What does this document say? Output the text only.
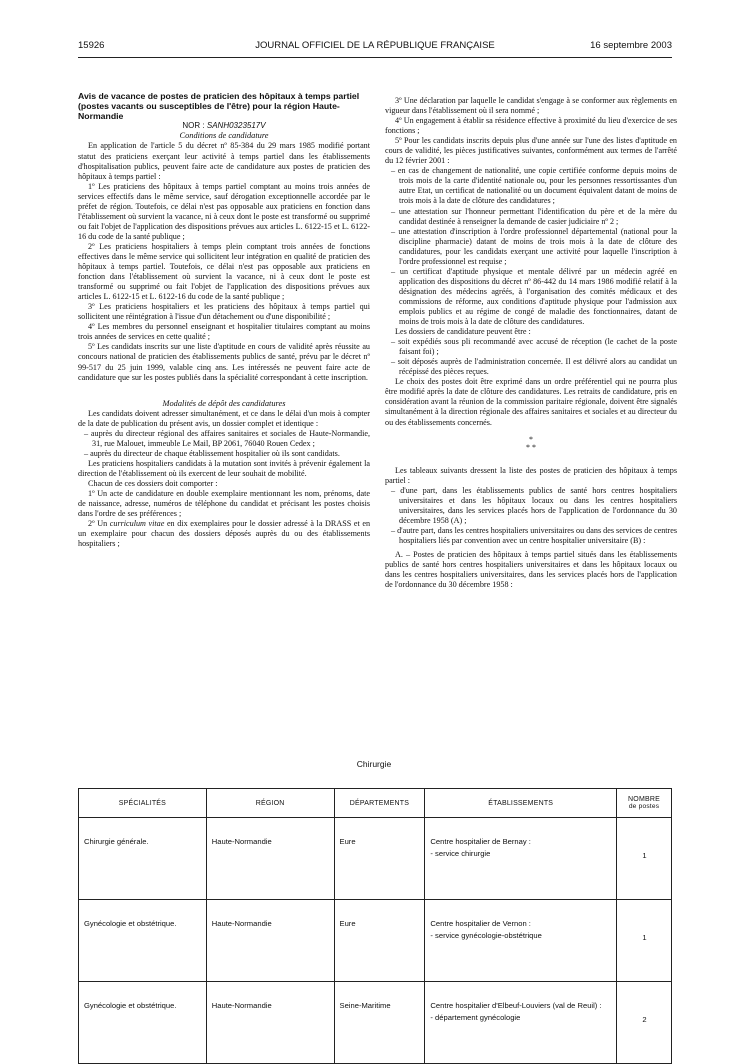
15926	JOURNAL OFFICIEL DE LA RÉPUBLIQUE FRANÇAISE	16 septembre 2003

Avis de vacance de postes de praticien des hôpitaux à temps partiel (postes vacants ou susceptibles de l'être) pour la région Haute-Normandie

NOR : SANH0323517V

Conditions de candidature

En application de l'article 5 du décret nº 85-384 du 29 mars 1985 modifié portant statut des praticiens exerçant leur activité à temps partiel dans les établissements d'hospitalisation publics, peuvent faire acte de candidature aux postes de praticien des hôpitaux à temps partiel :

1º Les praticiens des hôpitaux à temps partiel comptant au moins trois années de services effectifs dans le même service, sauf dérogation exceptionnelle accordée par le préfet de région. Toutefois, ce délai n'est pas opposable aux praticiens en fonction dans l'établissement où survient la vacance, ni à ceux dont le poste est transformé ou supprimé ou fait l'objet de l'application des dispositions prévues aux articles L. 6122-15 et L. 6122-16 du code de la santé publique ;

2º Les praticiens hospitaliers à temps plein comptant trois années de fonctions effectives dans le même service qui sollicitent leur intégration en qualité de praticien des hôpitaux à temps partiel. Toutefois, ce délai n'est pas opposable aux praticiens en fonction dans l'établissement où survient la vacance, ni à ceux dont le poste est transformé ou supprimé ou fait l'objet de l'application des dispositions prévues aux articles L. 6122-15 et L. 6122-16 du code de la santé publique ;

3º Les praticiens hospitaliers et les praticiens des hôpitaux à temps partiel qui sollicitent une réintégration à l'issue d'un détachement ou d'une disponibilité ;

4º Les membres du personnel enseignant et hospitalier titulaires comptant au moins trois années de services en cette qualité ;

5º Les candidats inscrits sur une liste d'aptitude en cours de validité après réussite au concours national de praticien des établissements publics de santé, prévu par le décret nº 99-517 du 25 juin 1999, valable cinq ans. Les intéressés ne peuvent faire acte de candidature que sur les postes publiés dans la spécialité correspondant à cette inscription.

Modalités de dépôt des candidatures

Les candidats doivent adresser simultanément, et ce dans le délai d'un mois à compter de la date de publication du présent avis, un dossier complet et identique :

– auprès du directeur régional des affaires sanitaires et sociales de Haute-Normandie, 31, rue Malouet, immeuble Le Mail, BP 2061, 76040 Rouen Cedex ;

– auprès du directeur de chaque établissement hospitalier où ils sont candidats.

Les praticiens hospitaliers candidats à la mutation sont invités à prévenir également la direction de l'établissement où ils exercent de leur souhait de mobilité.

Chacun de ces dossiers doit comporter :

1º Un acte de candidature en double exemplaire mentionnant les nom, prénoms, date de naissance, adresse, numéros de téléphone du candidat et précisant les postes choisis dans l'ordre de ses préférences ;

2º Un curriculum vitae en dix exemplaires pour le dossier adressé à la DRASS et en un exemplaire pour chacun des dossiers déposés auprès du ou des établissements hospitaliers ;

3º Une déclaration par laquelle le candidat s'engage à se conformer aux règlements en vigueur dans l'établissement où il sera nommé ;

4º Un engagement à établir sa résidence effective à proximité du lieu d'exercice de ses fonctions ;

5º Pour les candidats inscrits depuis plus d'une année sur l'une des listes d'aptitude en cours de validité, les pièces justificatives suivantes, conformément aux termes de l'arrêté du 12 février 2001 :

– en cas de changement de nationalité, une copie certifiée conforme depuis moins de trois mois de la carte d'identité nationale ou, pour les personnes ressortissantes d'un autre Etat, un certificat de nationalité ou un document équivalent datant de moins de trois mois à la date de clôture des candidatures ;

– une attestation sur l'honneur permettant l'identification du père et de la mère du candidat destinée à renseigner la demande de casier judiciaire nº 2 ;

– une attestation d'inscription à l'ordre professionnel départemental (national pour la discipline pharmacie) datant de moins de trois mois à la date de clôture des candidatures, pour les candidats exerçant une activité pour laquelle l'inscription à l'ordre professionnel est requise ;

– un certificat d'aptitude physique et mentale délivré par un médecin agréé en application des dispositions du décret nº 86-442 du 14 mars 1986 modifié relatif à la désignation des médecins agréés, à l'organisation des comités médicaux et des commissions de réforme, aux conditions d'aptitude physique pour l'admission aux emplois publics et au régime de congé de maladie des fonctionnaires, datant de moins de trois mois à la date de clôture des candidatures.

Les dossiers de candidature peuvent être :

– soit expédiés sous pli recommandé avec accusé de réception (le cachet de la poste faisant foi) ;

– soit déposés auprès de l'administration concernée. Il est délivré alors au candidat un récépissé des pièces reçues.

Le choix des postes doit être exprimé dans un ordre préférentiel qui ne pourra plus être modifié après la date de clôture des candidatures. Les retraits de candidature, pris en considération avant la réunion de la commission paritaire régionale, doivent être signalés simultanément à la direction régionale des affaires sanitaires et sociales et au directeur du ou des établissements concernés.

*
* *

Les tableaux suivants dressent la liste des postes de praticien des hôpitaux à temps partiel :

– d'une part, dans les établissements publics de santé hors centres hospitaliers universitaires et dans les hôpitaux locaux ou dans les centres hospitaliers universitaires, dans les services placés hors de l'application de l'ordonnance du 30 décembre 1958 (A) ;

– d'autre part, dans les centres hospitaliers universitaires ou dans des services de centres hospitaliers liés par convention avec un centre hospitalier universitaire (B) :

A. – Postes de praticien des hôpitaux à temps partiel situés dans les établissements publics de santé hors centres hospitaliers universitaires et dans les hôpitaux locaux ou dans les centres hospitaliers universitaires, dans les services placés hors de l'application de l'ordonnance du 30 décembre 1958 :

Chirurgie
SPÉCIALITÉS	RÉGION	DÉPARTEMENTS	ÉTABLISSEMENTS	NOMBRE
de postes
Chirurgie générale.	Haute-Normandie	Eure	Centre hospitalier de Bernay :
- service chirurgie	1
Gynécologie et obstétrique.	Haute-Normandie	Eure	Centre hospitalier de Vernon :
- service gynécologie-obstétrique	1
Gynécologie et obstétrique.	Haute-Normandie	Seine-Maritime	Centre hospitalier d'Elbeuf-Louviers (val de Reuil) :
- département gynécologie	2
